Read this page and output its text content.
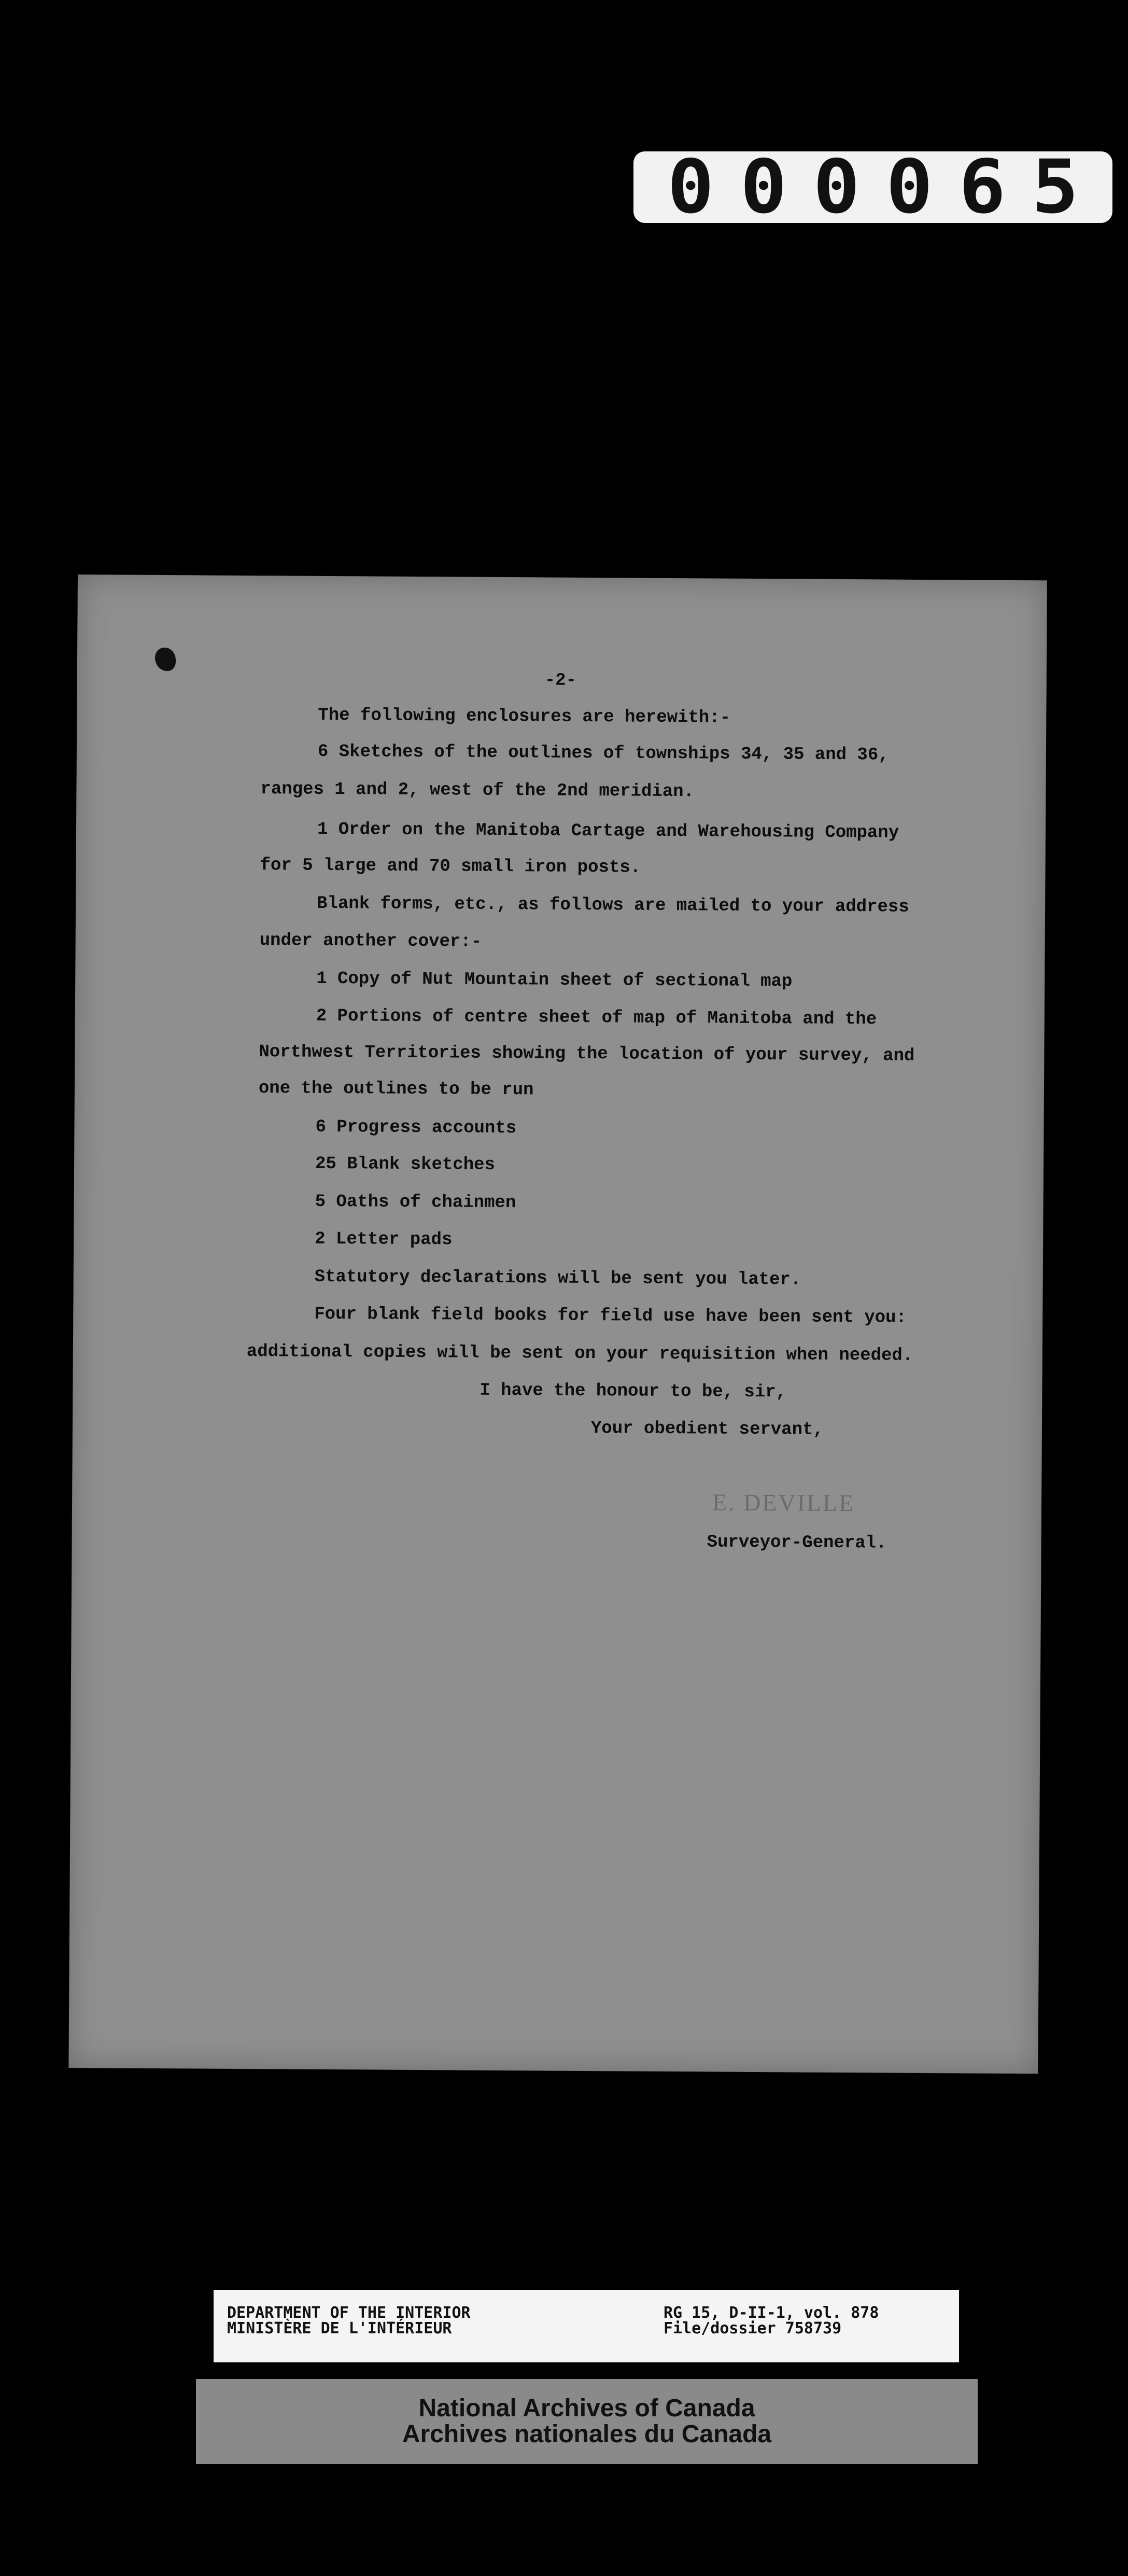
0 0 0 0 6 5
-2-
The following enclosures are herewith:-
6 Sketches of the outlines of townships 34, 35 and 36,
ranges 1 and 2, west of the 2nd meridian.
1 Order on the Manitoba Cartage and Warehousing Company
for 5 large and 70 small iron posts.
Blank forms, etc., as follows are mailed to your address
under another cover:-
1 Copy of Nut Mountain sheet of sectional map
2 Portions of centre sheet of map of Manitoba and the
Northwest Territories showing the location of your survey, and
one the outlines to be run
6 Progress accounts
25 Blank sketches
5 Oaths of chainmen
2 Letter pads
Statutory declarations will be sent you later.
Four blank field books for field use have been sent you:
additional copies will be sent on your requisition when needed.
I have the honour to be, sir,
Your obedient servant,
E. DEVILLE
Surveyor-General.
DEPARTMENT OF THE INTERIOR
MINISTÈRE DE L'INTÉRIEUR
RG 15, D-II-1, vol. 878
File/dossier 758739
National Archives of Canada
Archives nationales du Canada
